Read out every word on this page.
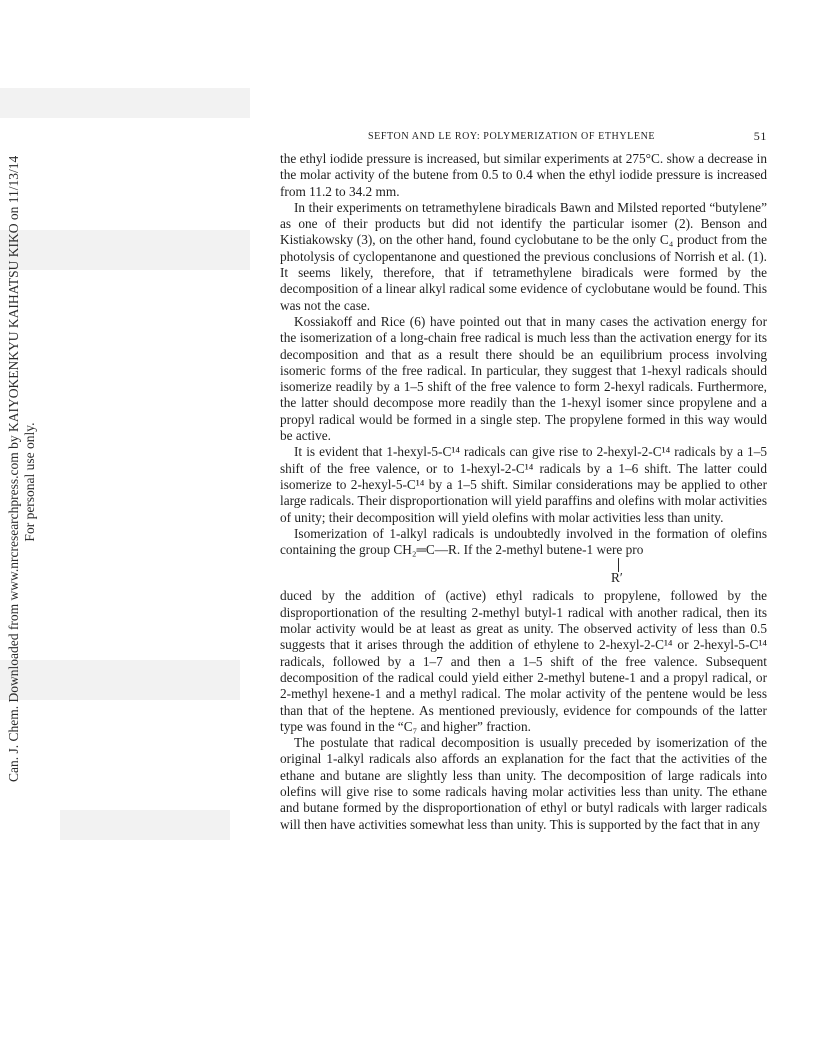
Can. J. Chem. Downloaded from www.nrcresearchpress.com by KAIYOKENKYU KAIHATSU KIKO on 11/13/14 For personal use only.
SEFTON AND LE ROY: POLYMERIZATION OF ETHYLENE	51

the ethyl iodide pressure is increased, but similar experiments at 275°C. show a decrease in the molar activity of the butene from 0.5 to 0.4 when the ethyl iodide pressure is increased from 11.2 to 34.2 mm.

In their experiments on tetramethylene biradicals Bawn and Milsted reported “butylene” as one of their products but did not identify the particular isomer (2). Benson and Kistiakowsky (3), on the other hand, found cyclobutane to be the only C₄ product from the photolysis of cyclopentanone and questioned the previous conclusions of Norrish et al. (1). It seems likely, therefore, that if tetramethylene biradicals were formed by the decomposition of a linear alkyl radical some evidence of cyclobutane would be found. This was not the case.

Kossiakoff and Rice (6) have pointed out that in many cases the activation energy for the isomerization of a long-chain free radical is much less than the activation energy for its decomposition and that as a result there should be an equilibrium process involving isomeric forms of the free radical. In particular, they suggest that 1-hexyl radicals should isomerize readily by a 1–5 shift of the free valence to form 2-hexyl radicals. Furthermore, the latter should decompose more readily than the 1-hexyl isomer since propylene and a propyl radical would be formed in a single step. The propylene formed in this way would be active.

It is evident that 1-hexyl-5-C¹⁴ radicals can give rise to 2-hexyl-2-C¹⁴ radicals by a 1–5 shift of the free valence, or to 1-hexyl-2-C¹⁴ radicals by a 1–6 shift. The latter could isomerize to 2-hexyl-5-C¹⁴ by a 1–5 shift. Similar considerations may be applied to other large radicals. Their disproportionation will yield paraffins and olefins with molar activities of unity; their decomposition will yield olefins with molar activities less than unity.

Isomerization of 1-alkyl radicals is undoubtedly involved in the formation of olefins containing the group CH₂═C—R. If the 2-methyl butene-1 were pro

R′

duced by the addition of (active) ethyl radicals to propylene, followed by the disproportionation of the resulting 2-methyl butyl-1 radical with another radical, then its molar activity would be at least as great as unity. The observed activity of less than 0.5 suggests that it arises through the addition of ethylene to 2-hexyl-2-C¹⁴ or 2-hexyl-5-C¹⁴ radicals, followed by a 1–7 and then a 1–5 shift of the free valence. Subsequent decomposition of the radical could yield either 2-methyl butene-1 and a propyl radical, or 2-methyl hexene-1 and a methyl radical. The molar activity of the pentene would be less than that of the heptene. As mentioned previously, evidence for compounds of the latter type was found in the “C₇ and higher” fraction.

The postulate that radical decomposition is usually preceded by isomerization of the original 1-alkyl radicals also affords an explanation for the fact that the activities of the ethane and butane are slightly less than unity. The decomposition of large radicals into olefins will give rise to some radicals having molar activities less than unity. The ethane and butane formed by the disproportionation of ethyl or butyl radicals with larger radicals will then have activities somewhat less than unity. This is supported by the fact that in any
